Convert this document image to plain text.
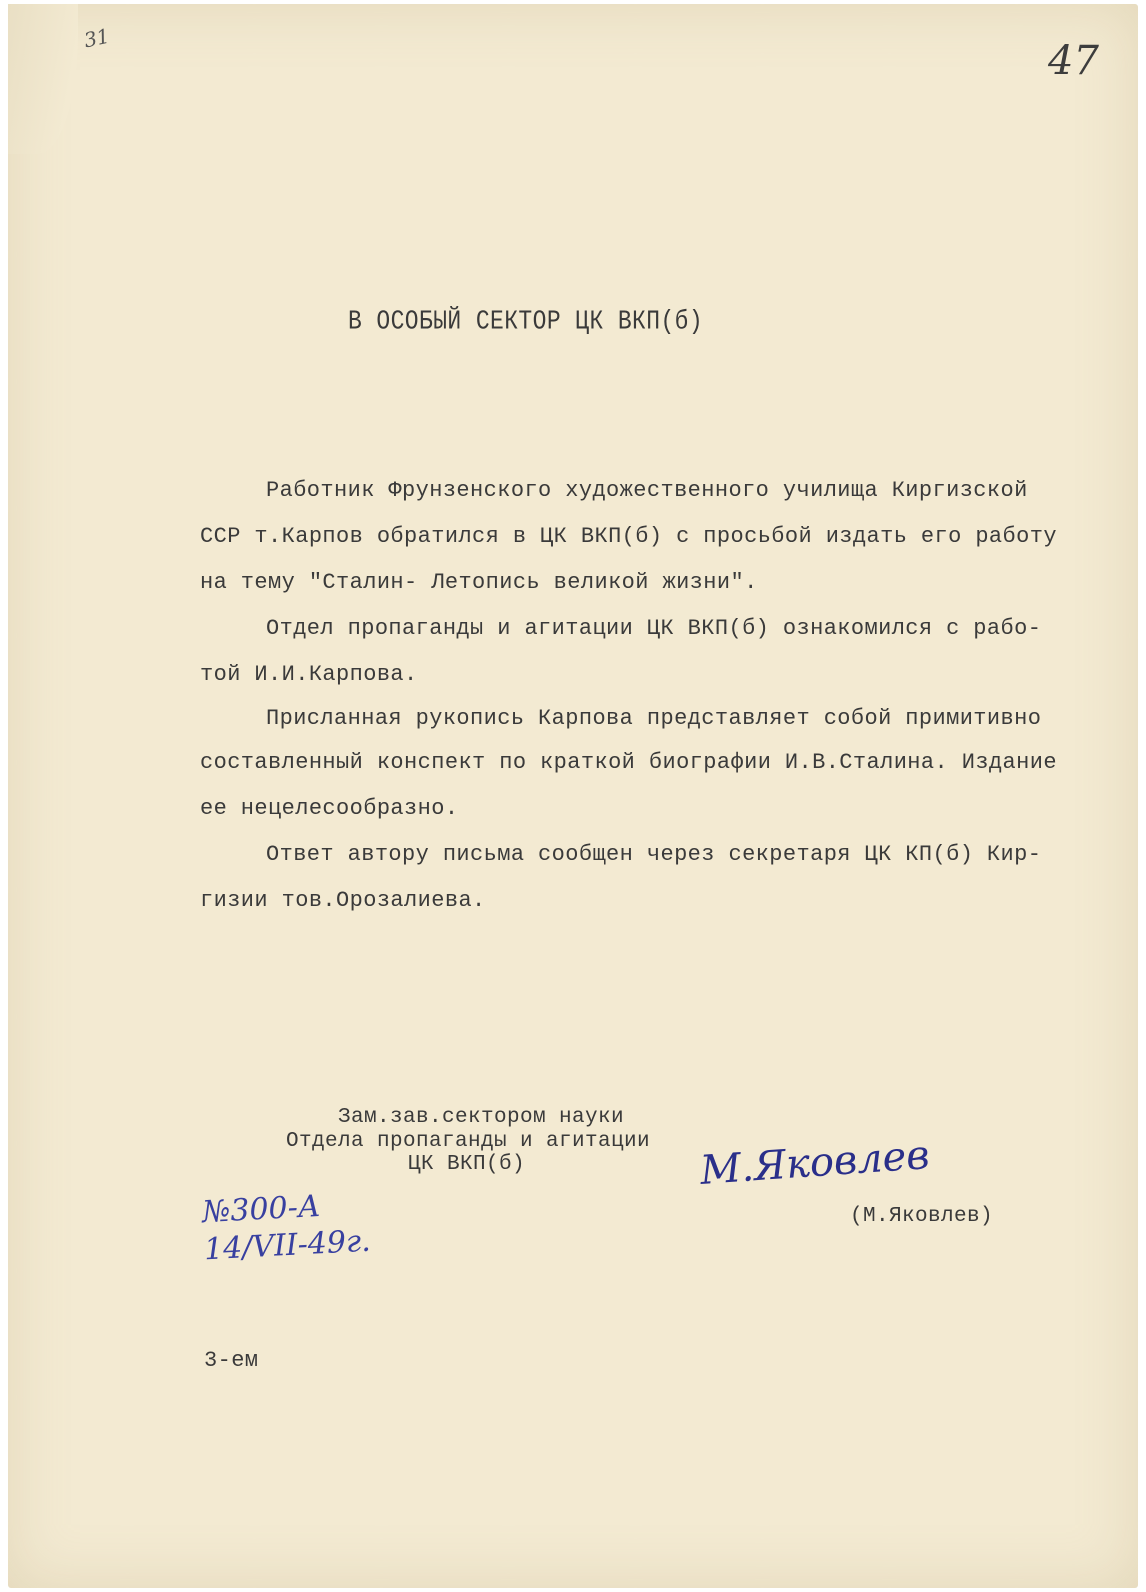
31	47
В ОСОБЫЙ СЕКТОР ЦК ВКП(б)
Работник Фрунзенского художественного училища Киргизской
ССР т.Карпов обратился в ЦК ВКП(б) с просьбой издать его работу
на тему "Сталин- Летопись великой жизни".
Отдел пропаганды и агитации ЦК ВКП(б) ознакомился с рабо-
той И.И.Карпова.
Присланная рукопись Карпова представляет собой примитивно
составленный конспект по краткой биографии И.В.Сталина. Издание
ее нецелесообразно.
Ответ автору письма сообщен через секретаря ЦК КП(б) Кир-
гизии тов.Орозалиева.
Зам.зав.сектором науки
Отдела пропаганды и агитации
ЦК ВКП(б)	М.Яковлев
(М.Яковлев)
№300-А
14/VII-49г.
3-ем
